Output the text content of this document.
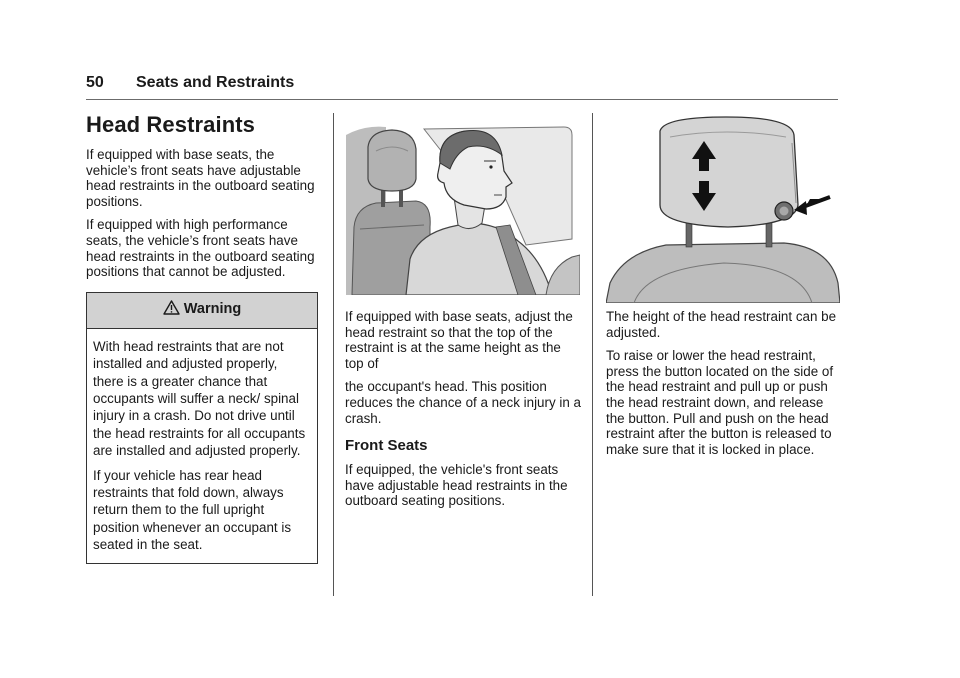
50 Seats and Restraints
Head Restraints

If equipped with base seats, the vehicle’s front seats have adjustable head restraints in the outboard seating positions.

If equipped with high performance seats, the vehicle’s front seats have head restraints in the outboard seating positions that cannot be adjusted.

Warning

With head restraints that are not installed and adjusted properly, there is a greater chance that occupants will suffer a neck/ spinal injury in a crash. Do not drive until the head restraints for all occupants are installed and adjusted properly.

If your vehicle has rear head restraints that fold down, always return them to the full upright position whenever an occupant is seated in the seat.

If equipped with base seats, adjust the head restraint so that the top of the restraint is at the same height as the top of

the occupant's head. This position reduces the chance of a neck injury in a crash.

Front Seats

If equipped, the vehicle's front seats have adjustable head restraints in the outboard seating positions.

The height of the head restraint can be adjusted.

To raise or lower the head restraint, press the button located on the side of the head restraint and pull up or push the head restraint down, and release the button. Pull and push on the head restraint after the button is released to make sure that it is locked in place.
